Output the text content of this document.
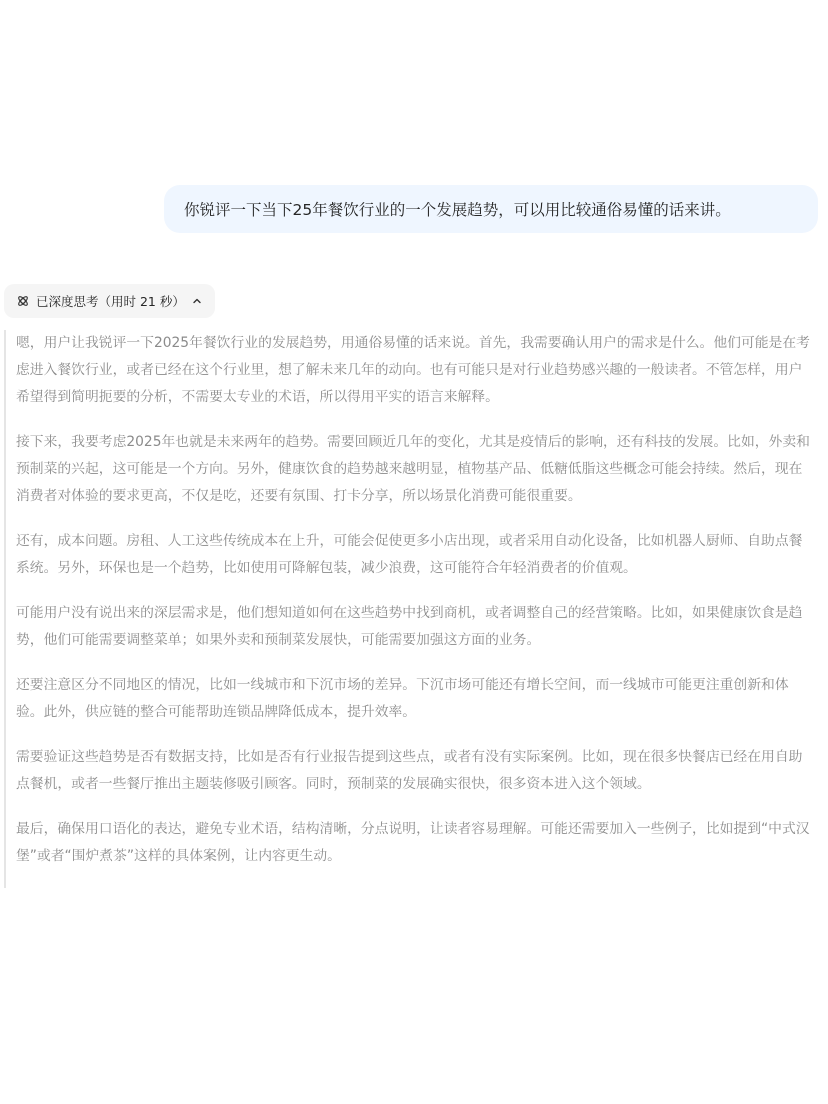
你锐评一下当下25年餐饮行业的一个发展趋势，可以用比较通俗易懂的话来讲。
已深度思考（用时 21 秒）

嗯，用户让我锐评一下2025年餐饮行业的发展趋势，用通俗易懂的话来说。首先，我需要确认用户的需求是什么。他们可能是在考虑进入餐饮行业，或者已经在这个行业里，想了解未来几年的动向。也有可能只是对行业趋势感兴趣的一般读者。不管怎样，用户希望得到简明扼要的分析，不需要太专业的术语，所以得用平实的语言来解释。

接下来，我要考虑2025年也就是未来两年的趋势。需要回顾近几年的变化，尤其是疫情后的影响，还有科技的发展。比如，外卖和预制菜的兴起，这可能是一个方向。另外，健康饮食的趋势越来越明显，植物基产品、低糖低脂这些概念可能会持续。然后，现在消费者对体验的要求更高，不仅是吃，还要有氛围、打卡分享，所以场景化消费可能很重要。

还有，成本问题。房租、人工这些传统成本在上升，可能会促使更多小店出现，或者采用自动化设备，比如机器人厨师、自助点餐系统。另外，环保也是一个趋势，比如使用可降解包装，减少浪费，这可能符合年轻消费者的价值观。

可能用户没有说出来的深层需求是，他们想知道如何在这些趋势中找到商机，或者调整自己的经营策略。比如，如果健康饮食是趋势，他们可能需要调整菜单；如果外卖和预制菜发展快，可能需要加强这方面的业务。

还要注意区分不同地区的情况，比如一线城市和下沉市场的差异。下沉市场可能还有增长空间，而一线城市可能更注重创新和体验。此外，供应链的整合可能帮助连锁品牌降低成本，提升效率。

需要验证这些趋势是否有数据支持，比如是否有行业报告提到这些点，或者有没有实际案例。比如，现在很多快餐店已经在用自助点餐机，或者一些餐厅推出主题装修吸引顾客。同时，预制菜的发展确实很快，很多资本进入这个领域。

最后，确保用口语化的表达，避免专业术语，结构清晰，分点说明，让读者容易理解。可能还需要加入一些例子，比如提到“中式汉堡”或者“围炉煮茶”这样的具体案例，让内容更生动。
